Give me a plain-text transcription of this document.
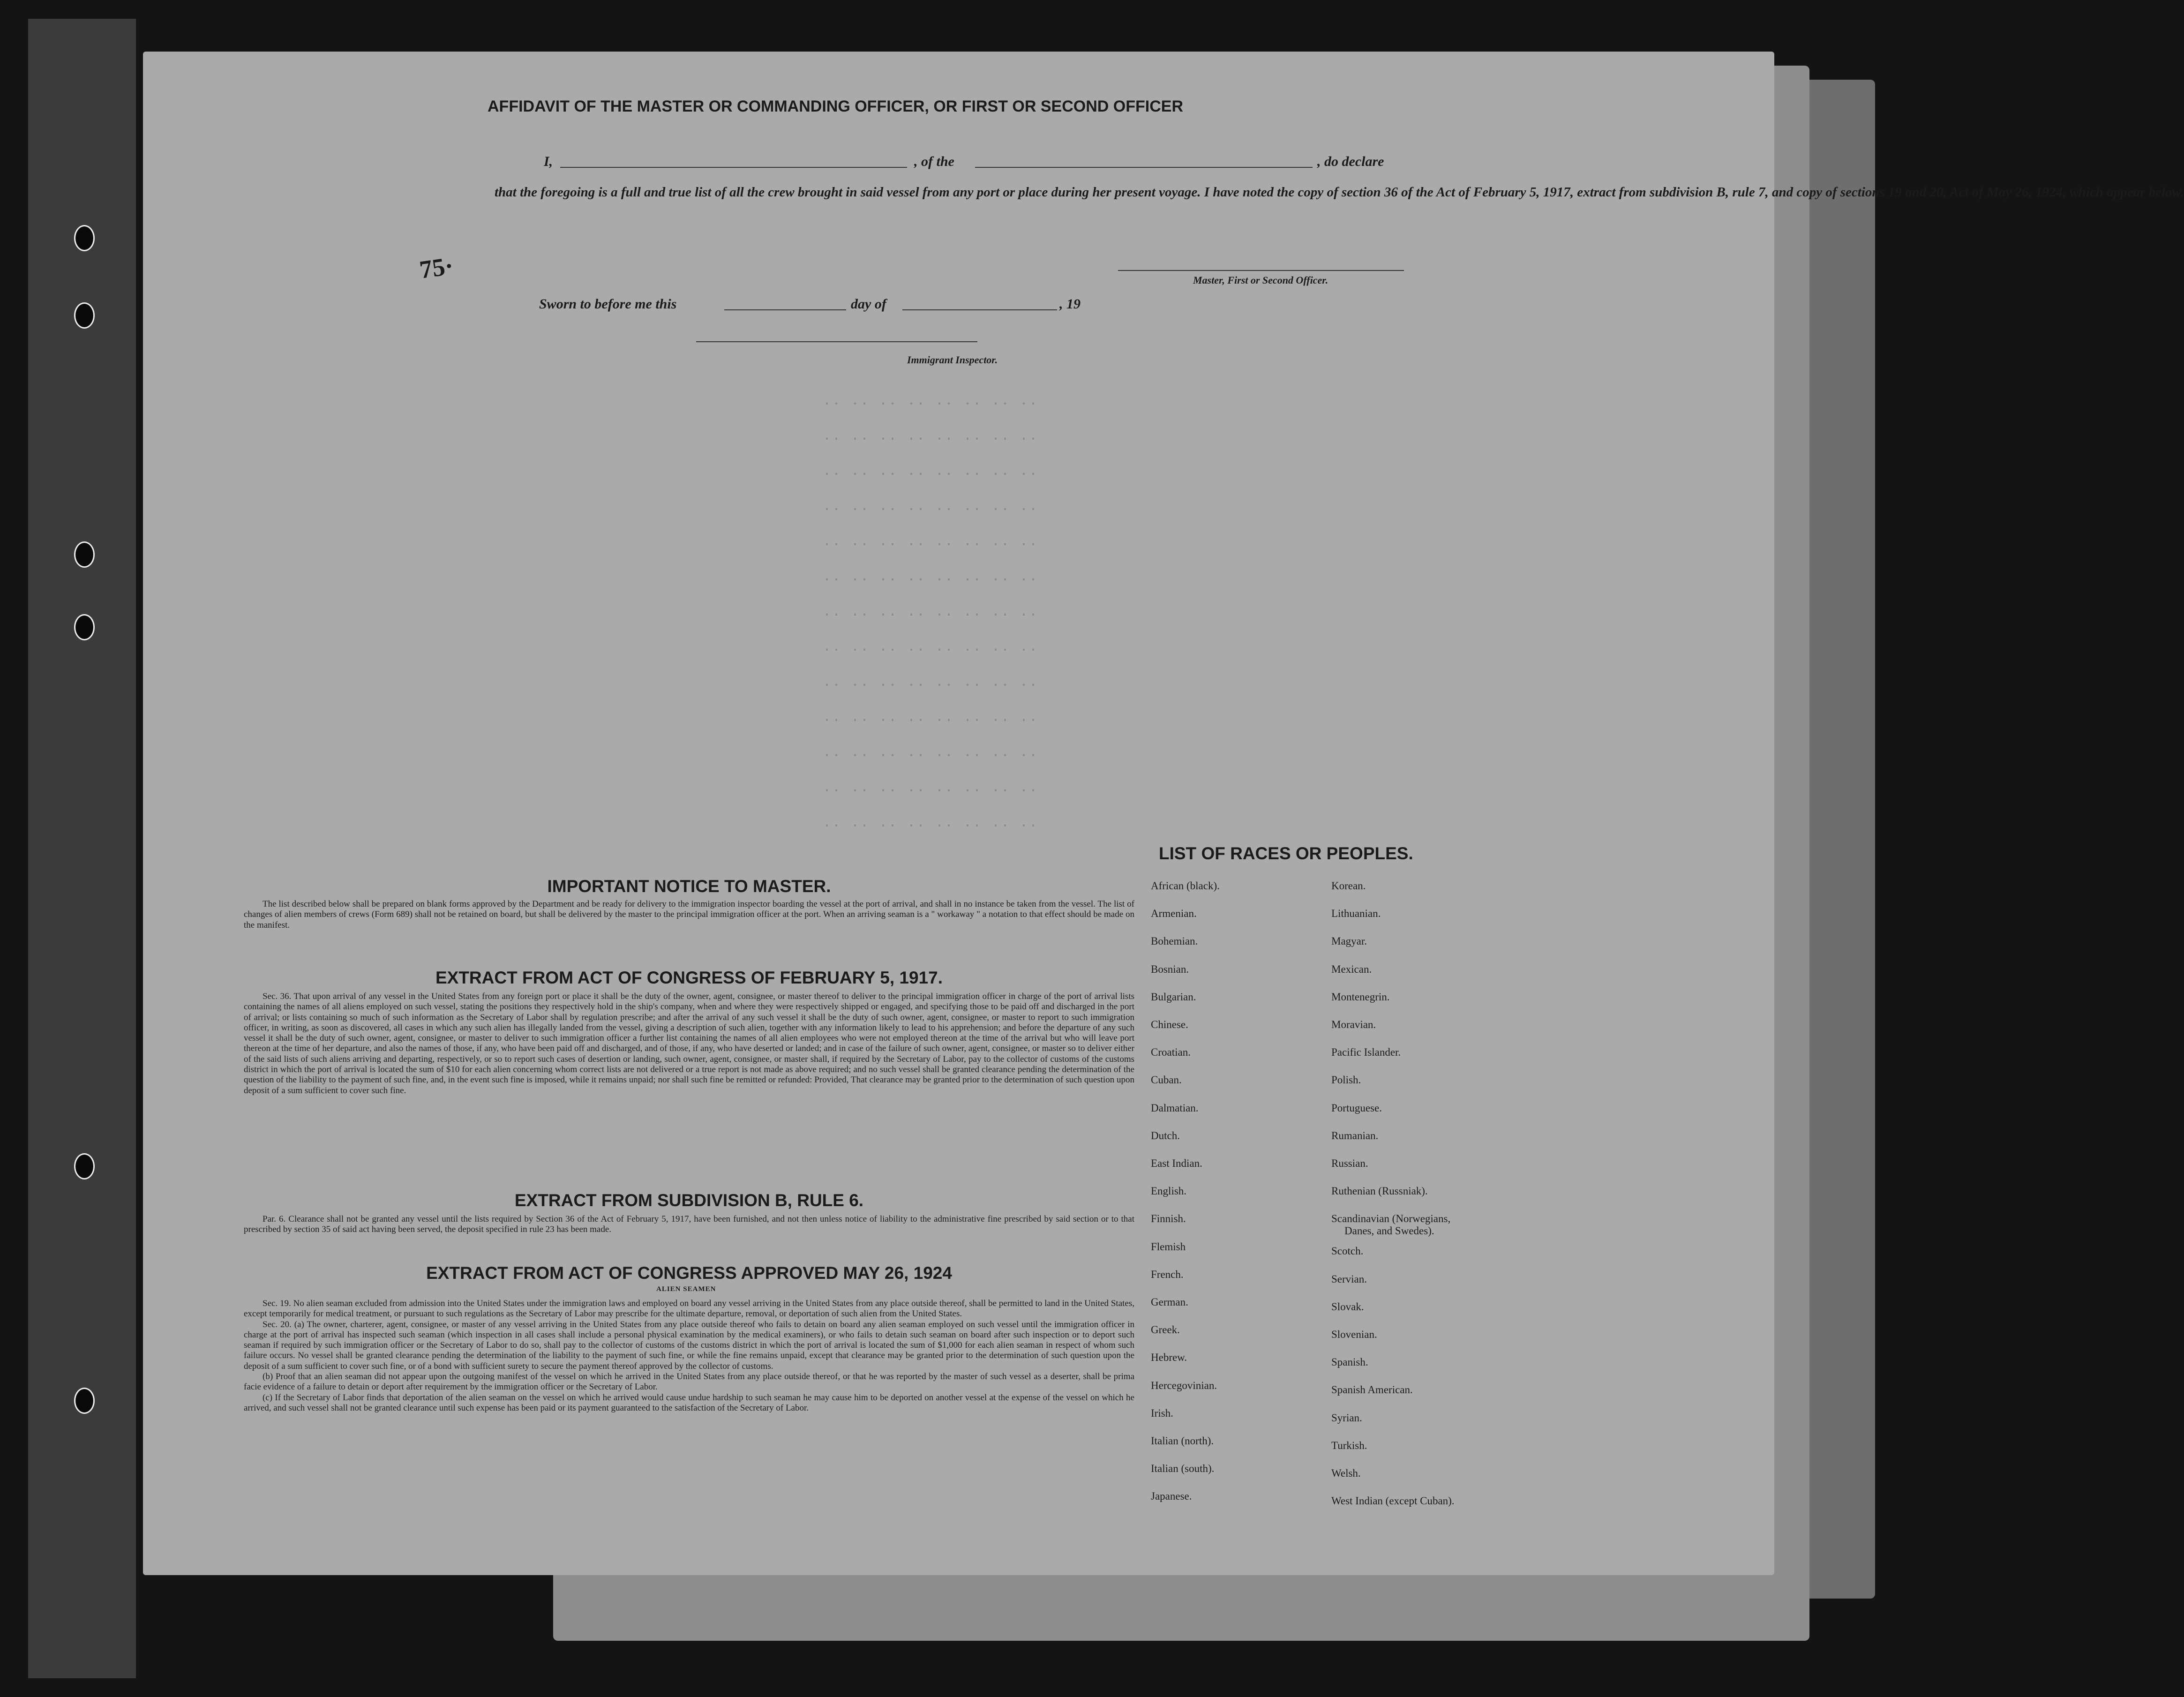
·· ·· ·· ·· ·· ·· ·· ··
·· ·· ·· ·· ·· ·· ·· ··
·· ·· ·· ·· ·· ·· ·· ··
·· ·· ·· ·· ·· ·· ·· ··
·· ·· ·· ·· ·· ·· ·· ··
·· ·· ·· ·· ·· ·· ·· ··
·· ·· ·· ·· ·· ·· ·· ··
·· ·· ·· ·· ·· ·· ·· ··
·· ·· ·· ·· ·· ·· ·· ··
·· ·· ·· ·· ·· ·· ·· ··
·· ·· ·· ·· ·· ·· ·· ··
·· ·· ·· ·· ·· ·· ·· ··
·· ·· ·· ·· ·· ·· ·· ··
AFFIDAVIT OF THE MASTER OR COMMANDING OFFICER, OR FIRST OR SECOND OFFICER
I,	, of the	, do declare
that the foregoing is a full and true list of all the crew brought in said vessel from any port or place during her present voyage. I have noted the copy of section 36 of the Act of February 5, 1917, extract from subdivision B, rule 7, and copy of sections 19 and 20, Act of May 26, 1924, which appear below.
75·	Master, First or Second Officer.
Sworn to before me this	day of	, 19
Immigrant Inspector.
IMPORTANT NOTICE TO MASTER.
The list described below shall be prepared on blank forms approved by the Department and be ready for delivery to the immigration inspector boarding the vessel at the port of arrival, and shall in no instance be taken from the vessel. The list of changes of alien members of crews (Form 689) shall not be retained on board, but shall be delivered by the master to the principal immigration officer at the port. When an arriving seaman is a " workaway " a notation to that effect should be made on the manifest.
EXTRACT FROM ACT OF CONGRESS OF FEBRUARY 5, 1917.
Sec. 36. That upon arrival of any vessel in the United States from any foreign port or place it shall be the duty of the owner, agent, consignee, or master thereof to deliver to the principal immigration officer in charge of the port of arrival lists containing the names of all aliens employed on such vessel, stating the positions they respectively hold in the ship's company, when and where they were respectively shipped or engaged, and specifying those to be paid off and discharged in the port of arrival; or lists containing so much of such information as the Secretary of Labor shall by regulation prescribe; and after the arrival of any such vessel it shall be the duty of such owner, agent, consignee, or master to report to such immigration officer, in writing, as soon as discovered, all cases in which any such alien has illegally landed from the vessel, giving a description of such alien, together with any information likely to lead to his apprehension; and before the departure of any such vessel it shall be the duty of such owner, agent, consignee, or master to deliver to such immigration officer a further list containing the names of all alien employees who were not employed thereon at the time of the arrival but who will leave port thereon at the time of her departure, and also the names of those, if any, who have been paid off and discharged, and of those, if any, who have deserted or landed; and in case of the failure of such owner, agent, consignee, or master so to deliver either of the said lists of such aliens arriving and departing, respectively, or so to report such cases of desertion or landing, such owner, agent, consignee, or master shall, if required by the Secretary of Labor, pay to the collector of customs of the customs district in which the port of arrival is located the sum of $10 for each alien concerning whom correct lists are not delivered or a true report is not made as above required; and no such vessel shall be granted clearance pending the determination of the question of the liability to the payment of such fine, and, in the event such fine is imposed, while it remains unpaid; nor shall such fine be remitted or refunded: Provided, That clearance may be granted prior to the determination of such question upon deposit of a sum sufficient to cover such fine.
EXTRACT FROM SUBDIVISION B, RULE 6.
Par. 6. Clearance shall not be granted any vessel until the lists required by Section 36 of the Act of February 5, 1917, have been furnished, and not then unless notice of liability to the administrative fine prescribed by said section or to that prescribed by section 35 of said act having been served, the deposit specified in rule 23 has been made.
EXTRACT FROM ACT OF CONGRESS APPROVED MAY 26, 1924
ALIEN SEAMEN

Sec. 19. No alien seaman excluded from admission into the United States under the immigration laws and employed on board any vessel arriving in the United States from any place outside thereof, shall be permitted to land in the United States, except temporarily for medical treatment, or pursuant to such regulations as the Secretary of Labor may prescribe for the ultimate departure, removal, or deportation of such alien from the United States.

Sec. 20. (a) The owner, charterer, agent, consignee, or master of any vessel arriving in the United States from any place outside thereof who fails to detain on board any alien seaman employed on such vessel until the immigration officer in charge at the port of arrival has inspected such seaman (which inspection in all cases shall include a personal physical examination by the medical examiners), or who fails to detain such seaman on board after such inspection or to deport such seaman if required by such immigration officer or the Secretary of Labor to do so, shall pay to the collector of customs of the customs district in which the port of arrival is located the sum of $1,000 for each alien seaman in respect of whom such failure occurs. No vessel shall be granted clearance pending the determination of the liability to the payment of such fine, or while the fine remains unpaid, except that clearance may be granted prior to the determination of such question upon the deposit of a sum sufficient to cover such fine, or of a bond with sufficient surety to secure the payment thereof approved by the collector of customs.

(b) Proof that an alien seaman did not appear upon the outgoing manifest of the vessel on which he arrived in the United States from any place outside thereof, or that he was reported by the master of such vessel as a deserter, shall be prima facie evidence of a failure to detain or deport after requirement by the immigration officer or the Secretary of Labor.

(c) If the Secretary of Labor finds that deportation of the alien seaman on the vessel on which he arrived would cause undue hardship to such seaman he may cause him to be deported on another vessel at the expense of the vessel on which he arrived, and such vessel shall not be granted clearance until such expense has been paid or its payment guaranteed to the satisfaction of the Secretary of Labor.

LIST OF RACES OR PEOPLES.
African (black).
Armenian.
Bohemian.
Bosnian.
Bulgarian.
Chinese.
Croatian.
Cuban.
Dalmatian.
Dutch.
East Indian.
English.
Finnish.
Flemish
French.
German.
Greek.
Hebrew.
Hercegovinian.
Irish.
Italian (north).
Italian (south).
Japanese.
Korean.
Lithuanian.
Magyar.
Mexican.
Montenegrin.
Moravian.
Pacific Islander.
Polish.
Portuguese.
Rumanian.
Russian.
Ruthenian (Russniak).
Scandinavian (Norwegians,
Danes, and Swedes).
Scotch.
Servian.
Slovak.
Slovenian.
Spanish.
Spanish American.
Syrian.
Turkish.
Welsh.
West Indian (except Cuban).
